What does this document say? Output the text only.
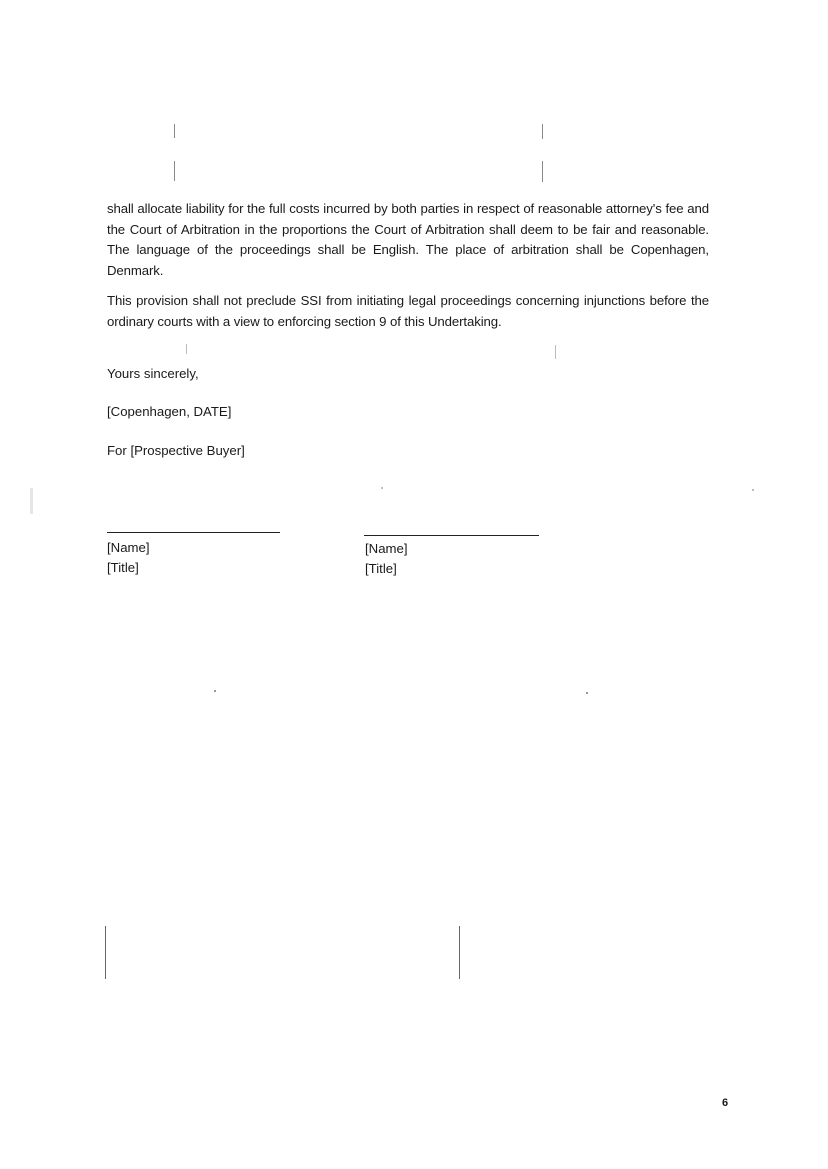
shall allocate liability for the full costs incurred by both parties in respect of reasonable attorney's fee and the Court of Arbitration in the proportions the Court of Arbitration shall deem to be fair and reasonable. The language of the proceedings shall be English. The place of arbitration shall be Copenhagen, Denmark.

This provision shall not preclude SSI from initiating legal proceedings concerning injunctions before the ordinary courts with a view to enforcing section 9 of this Undertaking.

Yours sincerely,
[Copenhagen, DATE]
For [Prospective Buyer]
[Name]
[Title]
[Name]
[Title]
6
